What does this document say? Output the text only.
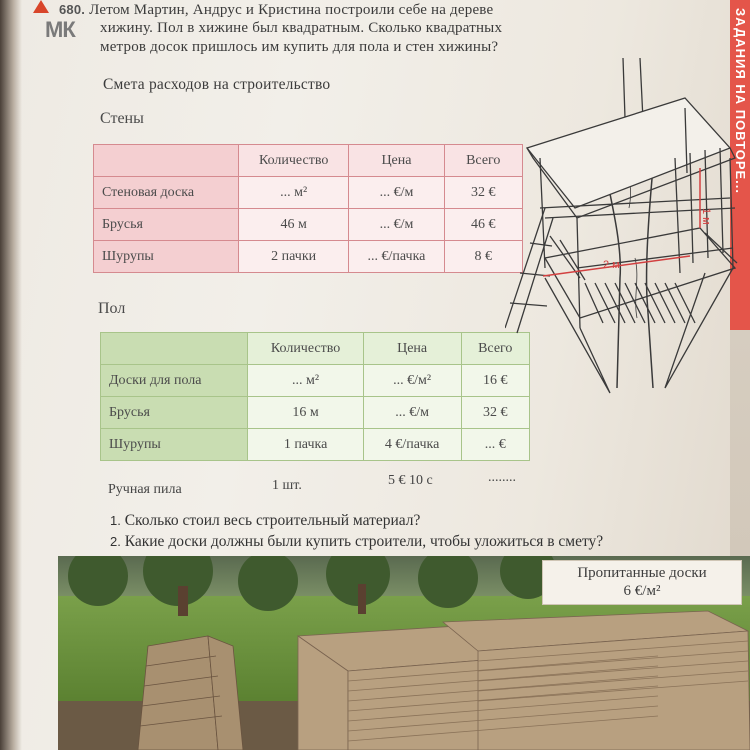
680. Летом Мартин, Андрус и Кристина построили себе на дереве
МК хижину. Пол в хижине был квадратным. Сколько квадратных
метров досок пришлось им купить для пола и стен хижины?
Смета расходов на строительство	ЗАДАНИЯ НА ПОВТОРЕ...
Стены
	Количество	Цена	Всего
Стеновая доска	... м²	... €/м	32 €
Брусья	46 м	... €/м	46 €
Шурупы	2 пачки	... €/пачка	8 €
Пол
	Количество	Цена	Всего
Доски для пола	... м²	... €/м²	16 €
Брусья	16 м	... €/м	32 €
Шурупы	1 пачка	4 €/пачка	... €
Ручная пила	1 шт.	5 € 10 с	........
1. Сколько стоил весь строительный материал?
2. Какие доски должны были купить строители, чтобы уложиться в смету?
2 м
1 м
Пропитанные доски
6 €/м²
